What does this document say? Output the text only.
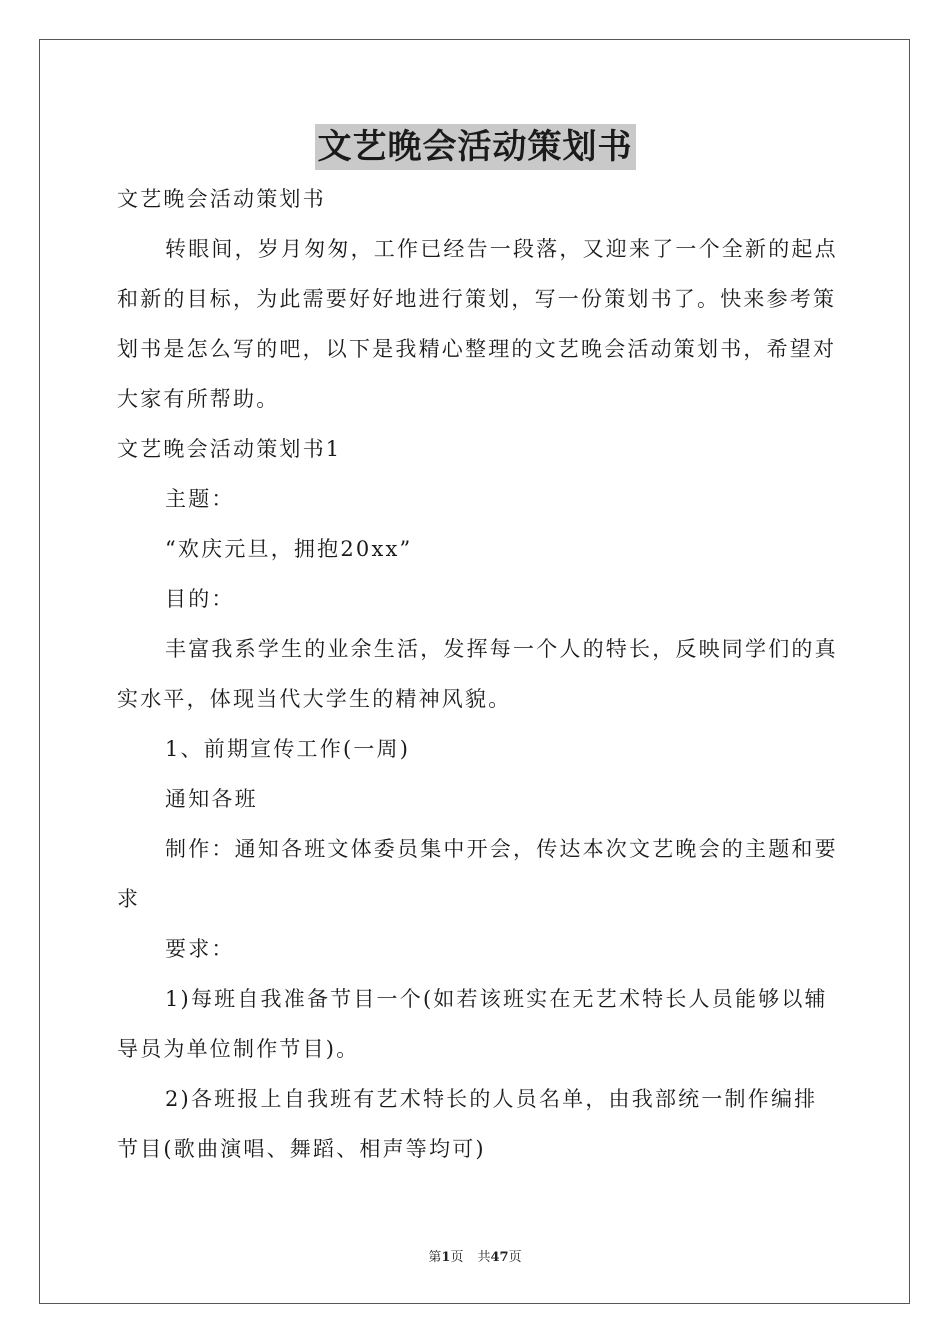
文艺晚会活动策划书

文艺晚会活动策划书

转眼间，岁月匆匆，工作已经告一段落，又迎来了一个全新的起点和新的目标，为此需要好好地进行策划，写一份策划书了。快来参考策划书是怎么写的吧，以下是我精心整理的文艺晚会活动策划书，希望对大家有所帮助。

文艺晚会活动策划书1

主题：

“欢庆元旦，拥抱20xx”

目的：

丰富我系学生的业余生活，发挥每一个人的特长，反映同学们的真实水平，体现当代大学生的精神风貌。

1、前期宣传工作(一周)

通知各班

制作：通知各班文体委员集中开会，传达本次文艺晚会的主题和要求

要求：

1)每班自我准备节目一个(如若该班实在无艺术特长人员能够以辅导员为单位制作节目)。

2)各班报上自我班有艺术特长的人员名单，由我部统一制作编排节目(歌曲演唱、舞蹈、相声等均可)

第1页 共47页
